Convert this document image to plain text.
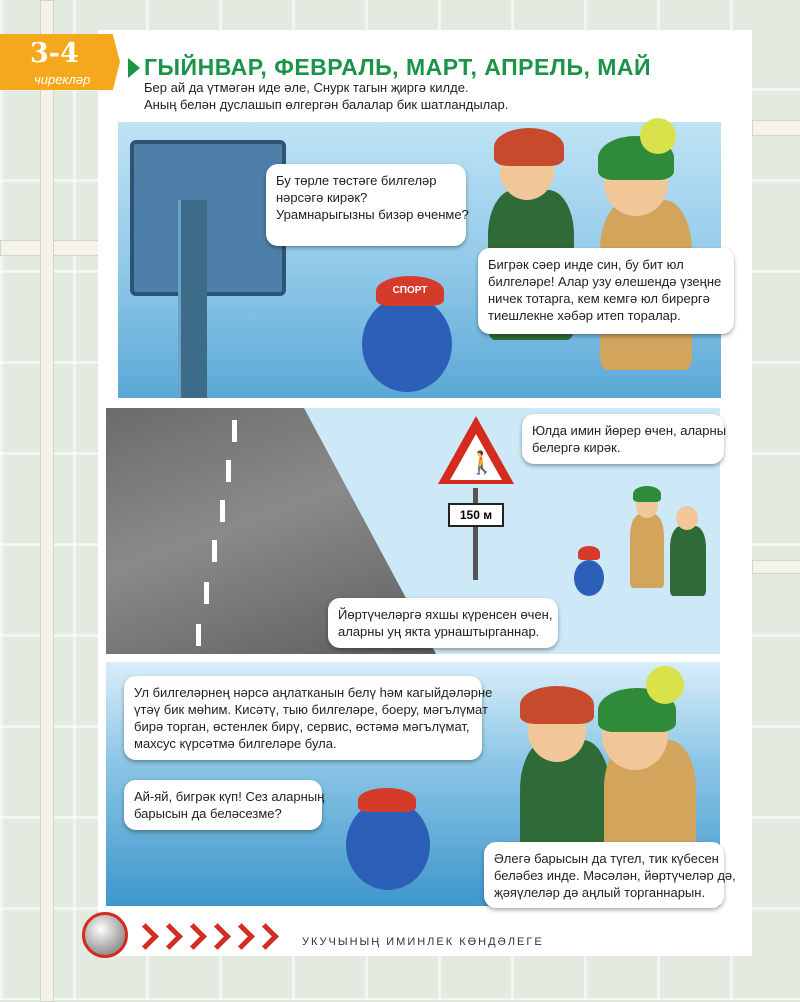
3-4
чирекләр ГЫЙНВАР, ФЕВРАЛЬ, МАРТ, АПРЕЛЬ, МАЙ
Бер ай да үтмәгән иде әле, Снурк тагын җиргә килде.
Аның белән дуслашып өлгергән балалар бик шатландылар.
СПОРТ
Бу төрле төстәге билгеләр
нәрсәгә кирәк?
Урамнарыгызны бизәр өченме?
Бигрәк сәер инде син, бу бит юл
билгеләре! Алар узу өлешендә үзеңне
ничек тотарга, кем кемгә юл бирергә
тиешлекне хәбәр итеп торалар.
🚶
150 м
Юлда имин йөрер өчен, аларны
белергә кирәк.
Йөртүчеләргә яхшы күренсен өчен,
аларны уң якта урнаштырганнар.
Ул билгеләрнең нәрсә аңлатканын белү һәм кагыйдәләрне
үтәү бик мөһим. Кисәтү, тыю билгеләре, боеру, мәгълүмат
бирә торган, өстенлек бирү, сервис, өстәмә мәгълүмат,
махсус күрсәтмә билгеләре була.
Ай-яй, бигрәк күп! Сез аларның
барысын да беләсезме?
Әлегә барысын да түгел, тик күбесен
беләбез инде. Мәсәлән, йөртүчеләр дә,
җәяүлеләр дә аңлый торганнарын.
УКУЧЫНЫҢ ИМИНЛЕК КӨНДӘЛЕГЕ
